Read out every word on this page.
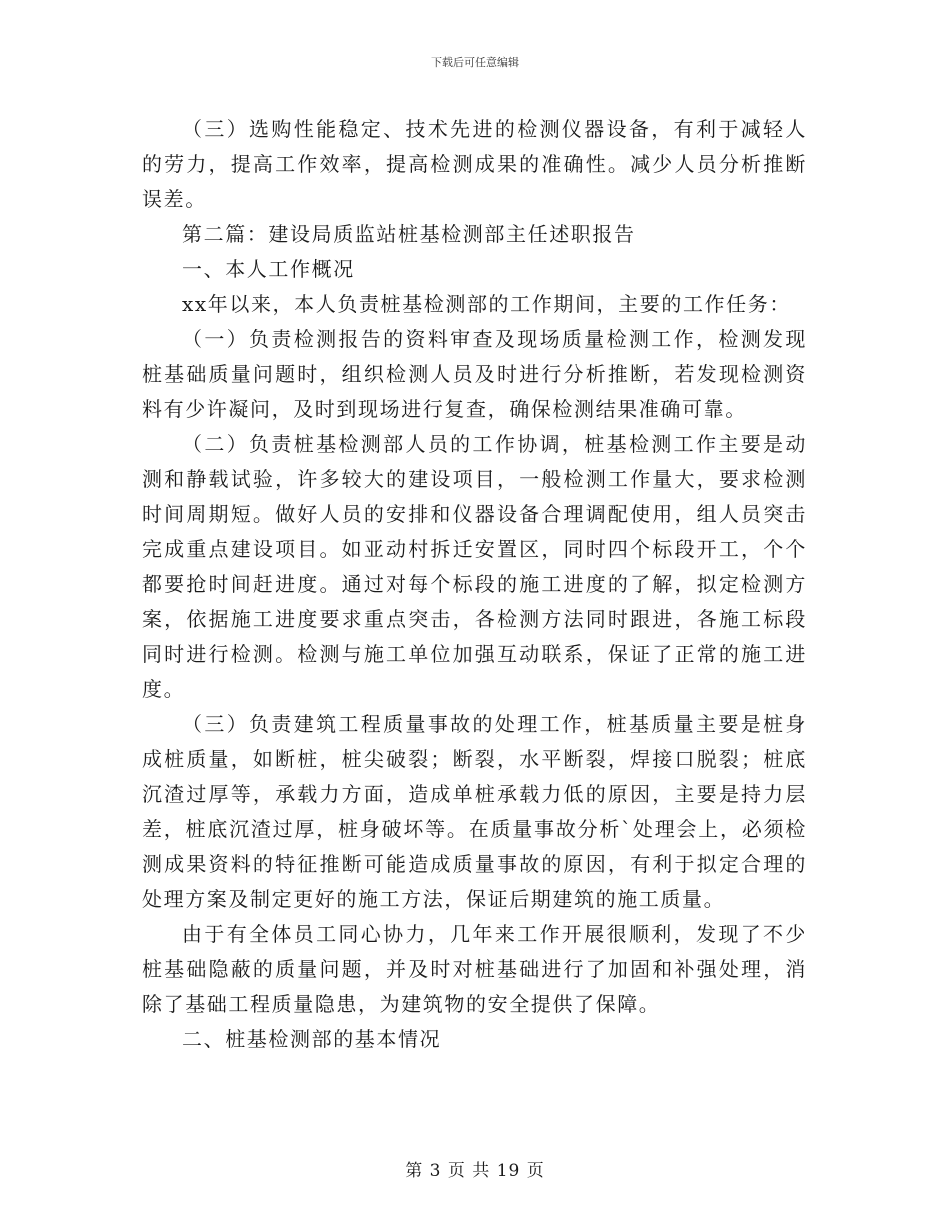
下载后可任意编辑

（三）选购性能稳定、技术先进的检测仪器设备，有利于减轻人的劳力，提高工作效率，提高检测成果的准确性。减少人员分析推断误差。

第二篇：建设局质监站桩基检测部主任述职报告

一、本人工作概况

xx年以来，本人负责桩基检测部的工作期间，主要的工作任务：

（一）负责检测报告的资料审查及现场质量检测工作，检测发现桩基础质量问题时，组织检测人员及时进行分析推断，若发现检测资料有少许凝问，及时到现场进行复查，确保检测结果准确可靠。

（二）负责桩基检测部人员的工作协调，桩基检测工作主要是动测和静载试验，许多较大的建设项目，一般检测工作量大，要求检测时间周期短。做好人员的安排和仪器设备合理调配使用，组人员突击完成重点建设项目。如亚动村拆迁安置区，同时四个标段开工，个个都要抢时间赶进度。通过对每个标段的施工进度的了解，拟定检测方案，依据施工进度要求重点突击，各检测方法同时跟进，各施工标段同时进行检测。检测与施工单位加强互动联系，保证了正常的施工进度。

（三）负责建筑工程质量事故的处理工作，桩基质量主要是桩身成桩质量，如断桩，桩尖破裂；断裂，水平断裂，焊接口脱裂；桩底沉渣过厚等，承载力方面，造成单桩承载力低的原因，主要是持力层差，桩底沉渣过厚，桩身破坏等。在质量事故分析`处理会上，必须检测成果资料的特征推断可能造成质量事故的原因，有利于拟定合理的处理方案及制定更好的施工方法，保证后期建筑的施工质量。

由于有全体员工同心协力，几年来工作开展很顺利，发现了不少桩基础隐蔽的质量问题，并及时对桩基础进行了加固和补强处理，消除了基础工程质量隐患，为建筑物的安全提供了保障。

二、桩基检测部的基本情况

第 3 页 共 19 页
